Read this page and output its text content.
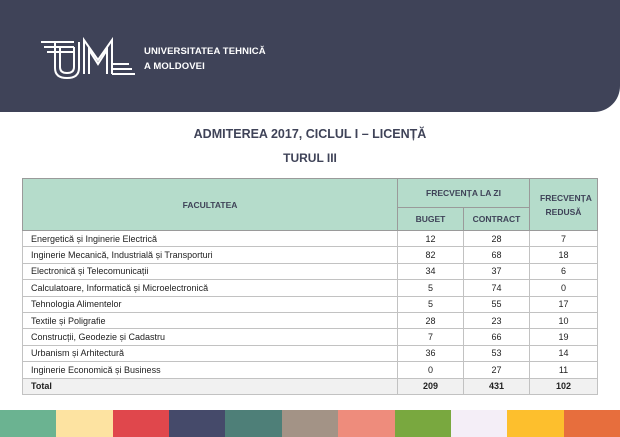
UNIVERSITATEA TEHNICĂ
A MOLDOVEI
ADMITEREA 2017, CICLUL I – LICENȚĂ
TURUL III
FACULTATEA	FRECVENȚA LA ZI		FRECVENȚA REDUSĂ
	BUGET	CONTRACT	
Energetică și Inginerie Electrică	12	28	7
Inginerie Mecanică, Industrială și Transporturi	82	68	18
Electronică și Telecomunicații	34	37	6
Calculatoare, Informatică și Microelectronică	5	74	0
Tehnologia Alimentelor	5	55	17
Textile și Poligrafie	28	23	10
Construcții, Geodezie și Cadastru	7	66	19
Urbanism și Arhitectură	36	53	14
Inginerie Economică și Business	0	27	11
Total	209	431	102
